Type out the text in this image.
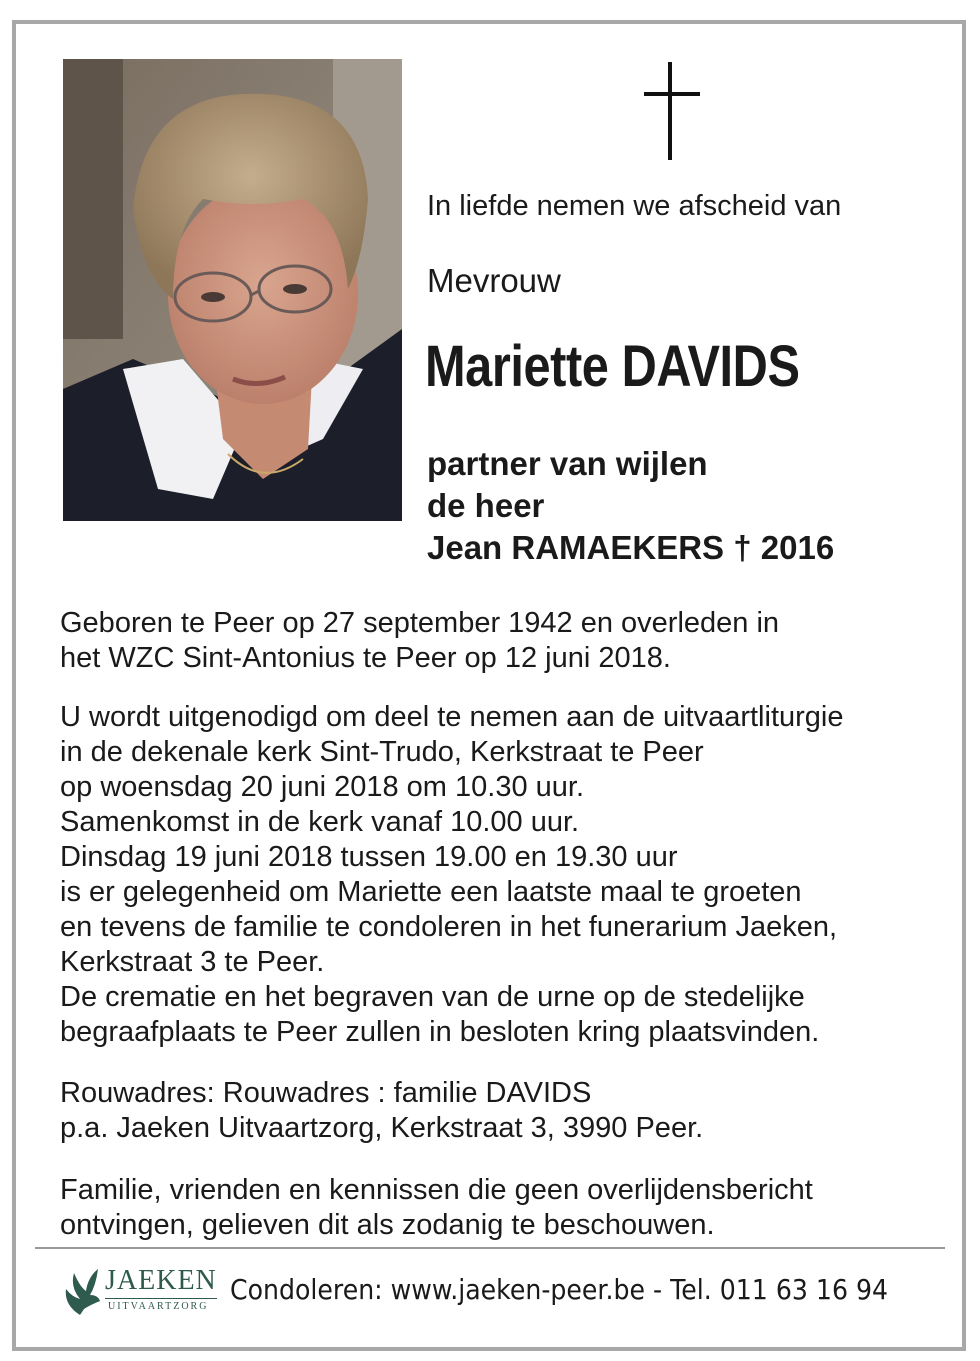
In liefde nemen we afscheid van
Mevrouw
Mariette DAVIDS
partner van wijlen
de heer
Jean RAMAEKERS † 2016
Geboren te Peer op 27 september 1942 en overleden in
het WZC Sint-Antonius te Peer op 12 juni 2018.
U wordt uitgenodigd om deel te nemen aan de uitvaartliturgie
in de dekenale kerk Sint-Trudo, Kerkstraat te Peer
op woensdag 20 juni 2018 om 10.30 uur.
Samenkomst in de kerk vanaf 10.00 uur.
Dinsdag 19 juni 2018 tussen 19.00 en 19.30 uur
is er gelegenheid om Mariette een laatste maal te groeten
en tevens de familie te condoleren in het funerarium Jaeken,
Kerkstraat 3 te Peer.
De crematie en het begraven van de urne op de stedelijke
begraafplaats te Peer zullen in besloten kring plaatsvinden.
Rouwadres: Rouwadres : familie DAVIDS
p.a. Jaeken Uitvaartzorg, Kerkstraat 3, 3990 Peer.
Familie, vrienden en kennissen die geen overlijdensbericht
ontvingen, gelieven dit als zodanig te beschouwen.
JAEKEN
UITVAARTZORG
Condoleren: www.jaeken-peer.be - Tel. 011 63 16 94
